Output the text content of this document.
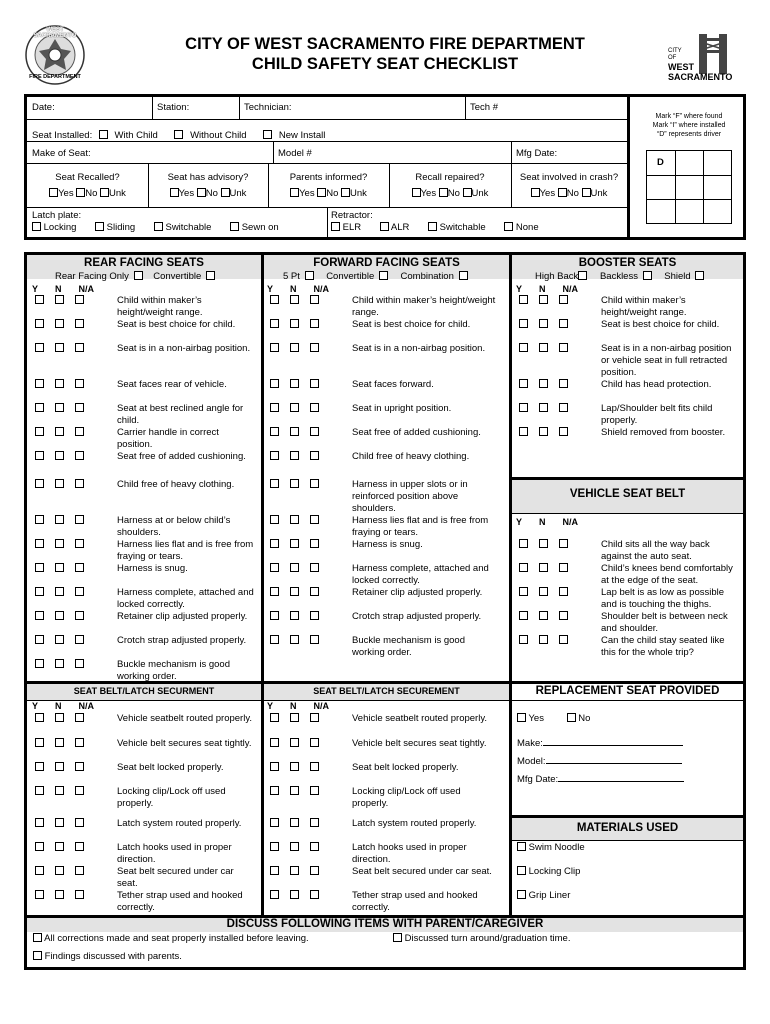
WEST SACRAMENTO
FIRE DEPARTMENT
CITY OF WEST SACRAMENTO FIRE DEPARTMENT
CHILD SAFETY SEAT CHECKLIST
CITY
OF
WEST
SACRAMENTO
Date:	Station:	Technician:	Tech #
Seat Installed: With Child	Without Child	New Install
Make of Seat:	Model #	Mfg Date:
Seat Recalled?
Yes No Unk
Seat has advisory?
Yes No Unk
Parents informed?
Yes No Unk
Recall repaired?
Yes No Unk
Seat involved in crash?
Yes No Unk
Latch plate:
Locking	Sliding	Switchable	Sewn on
Retractor:
ELR	ALR	Switchable	None
Mark “F” where found
Mark “I” where installed
“D” represents driver
D
REAR FACING SEATS
Rear Facing Only	Convertible
FORWARD FACING SEATS
5 Pt	Convertible	Combination
BOOSTER SEATS
High Back Backless	Shield
Y N N/A	Y N N/A	Y N N/A
Child within maker’s height/weight range.
Seat is best choice for child.
Seat is in a non-airbag position.
Seat faces rear of vehicle.
Seat at best reclined angle for child.
Carrier handle in correct position.
Seat free of added cushioning.
Child free of heavy clothing.
Harness at or below child’s shoulders.
Harness lies flat and is free from fraying or tears.
Harness is snug.
Harness complete, attached and locked correctly.
Retainer clip adjusted properly.
Crotch strap adjusted properly.
Buckle mechanism is good working order.
Child within maker’s height/weight range.
Seat is best choice for child.
Seat is in a non-airbag position.
Seat faces forward.
Seat in upright position.
Seat free of added cushioning.
Child free of heavy clothing.
Harness in upper slots or in reinforced position above shoulders.
Harness lies flat and is free from fraying or tears.
Harness is snug.
Harness complete, attached and locked correctly.
Retainer clip adjusted properly.
Crotch strap adjusted properly.
Buckle mechanism is good working order.
Child within maker’s height/weight range.
Seat is best choice for child.
Seat is in a non-airbag position or vehicle seat in full retracted position.
Child has head protection.
Lap/Shoulder belt fits child properly.
Shield removed from booster.
VEHICLE SEAT BELT
Y N N/A
Child sits all the way back against the auto seat.
Child’s knees bend comfortably at the edge of the seat.
Lap belt is as low as possible and is touching the thighs.
Shoulder belt is between neck and shoulder.
Can the child stay seated like this for the whole trip?
SEAT BELT/LATCH SECURMENT	SEAT BELT/LATCH SECUREMENT
Y N N/A	Y N N/A
Vehicle seatbelt routed properly.
Vehicle belt secures seat tightly.
Seat belt locked properly.
Locking clip/Lock off used properly.
Latch system routed properly.
Latch hooks used in proper direction.
Seat belt secured under car seat.
Tether strap used and hooked correctly.
Vehicle seatbelt routed properly.
Vehicle belt secures seat tightly.
Seat belt locked properly.
Locking clip/Lock off used properly.
Latch system routed properly.
Latch hooks used in proper direction.
Seat belt secured under car seat.
Tether strap used and hooked correctly.
REPLACEMENT SEAT PROVIDED
Yes	No
Make:
Model:
Mfg Date:
MATERIALS USED
Swim Noodle
Locking Clip
Grip Liner
DISCUSS FOLLOWING ITEMS WITH PARENT/CAREGIVER
All corrections made and seat properly installed before leaving.	Discussed turn around/graduation time.
Findings discussed with parents.
